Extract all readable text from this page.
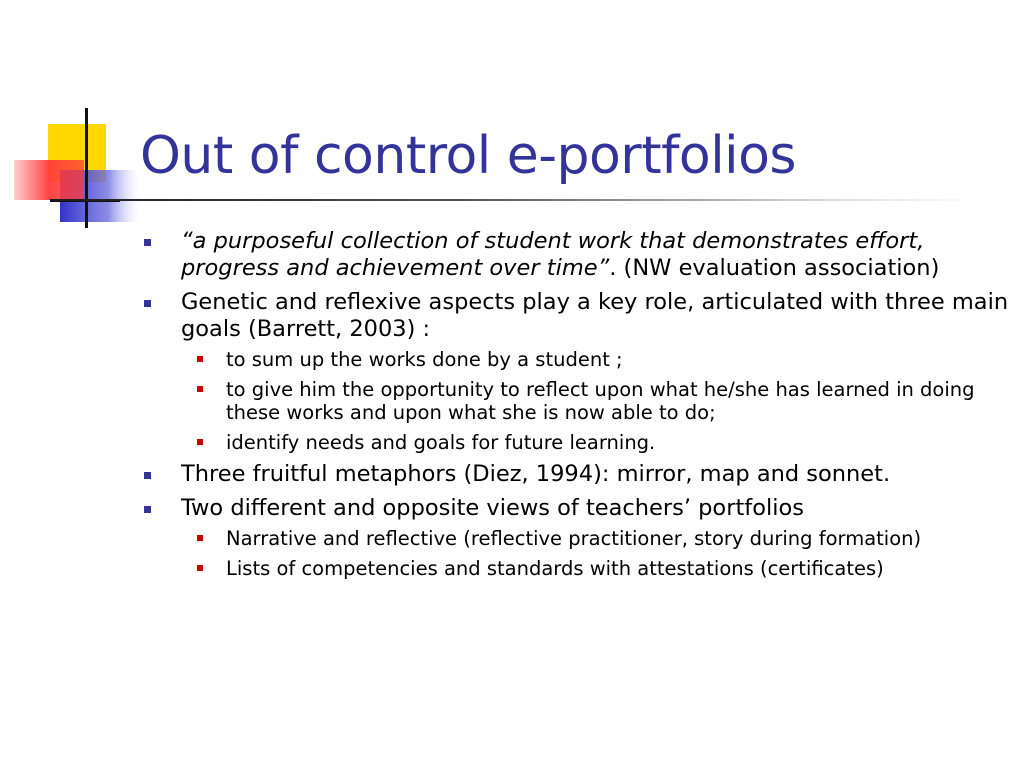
Out of control e-portfolios
“a purposeful collection of student work that demonstrates effort, progress and achievement over time”. (NW evaluation association)
Genetic and reflexive aspects play a key role, articulated with three main goals (Barrett, 2003) :
to sum up the works done by a student ;
to give him the opportunity to reflect upon what he/she has learned in doing these works and upon what she is now able to do;
identify needs and goals for future learning.
Three fruitful metaphors (Diez, 1994): mirror, map and sonnet.
Two different and opposite views of teachers’ portfolios
Narrative and reflective (reflective practitioner, story during formation)
Lists of competencies and standards with attestations (certificates)
